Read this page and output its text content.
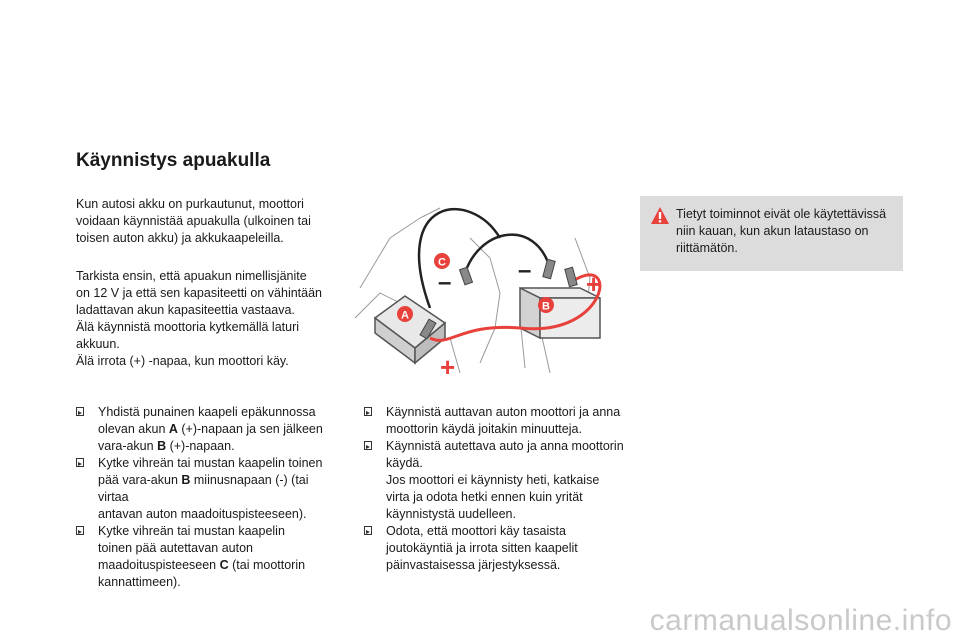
Käynnistys apuakulla

Kun autosi akku on purkautunut, moottori
voidaan käynnistää apuakulla (ulkoinen tai
toisen auton akku) ja akkukaapeleilla.

Tarkista ensin, että apuakun nimellisjänite
on 12 V ja että sen kapasiteetti on vähintään
ladattavan akun kapasiteettia vastaava.
Älä käynnistä moottoria kytkemällä laturi
akkuun.
Älä irrota (+) -napaa, kun moottori käy.

C
B
A
–	– +
+
Tietyt toiminnot eivät ole käytettävissä
niin kauan, kun akun lataustaso on
riittämätön.
Yhdistä punainen kaapeli epäkunnossa
olevan akun A (+)-napaan ja sen jälkeen
vara-akun B (+)-napaan.
Kytke vihreän tai mustan kaapelin toinen
pää vara-akun B miinusnapaan (-) (tai virtaa
antavan auton maadoituspisteeseen).
Kytke vihreän tai mustan kaapelin
toinen pää autettavan auton
maadoituspisteeseen C (tai moottorin
kannattimeen).
Käynnistä auttavan auton moottori ja anna
moottorin käydä joitakin minuutteja.
Käynnistä autettava auto ja anna moottorin
käydä.
Jos moottori ei käynnisty heti, katkaise
virta ja odota hetki ennen kuin yrität
käynnistystä uudelleen.
Odota, että moottori käy tasaista
joutokäyntiä ja irrota sitten kaapelit
päinvastaisessa järjestyksessä.
carmanualsonline.info
